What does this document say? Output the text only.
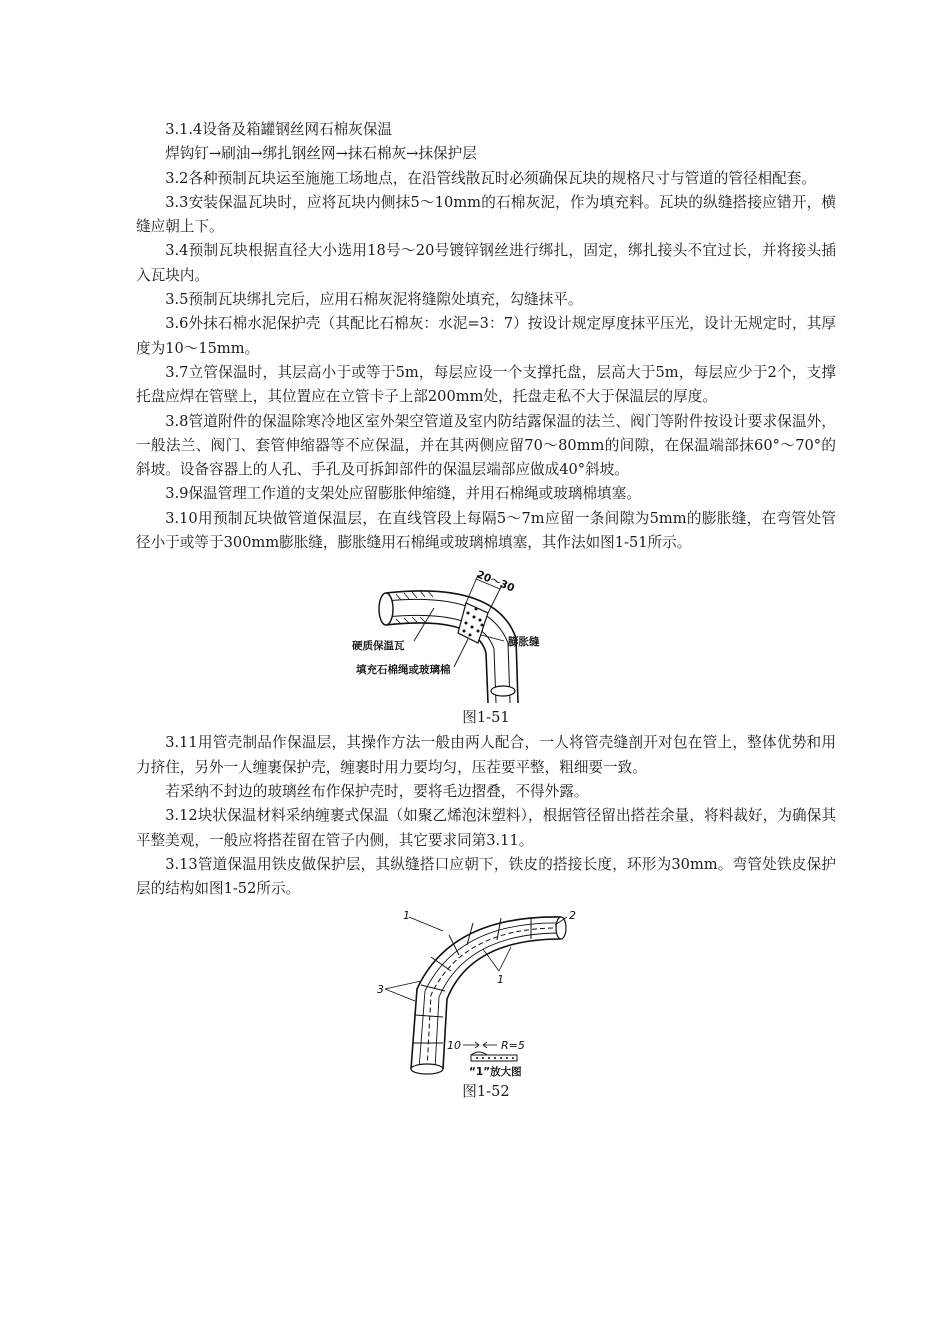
3.1.4设备及箱罐钢丝网石棉灰保温

焊钩钉→刷油→绑扎钢丝网→抹石棉灰→抹保护层

3.2各种预制瓦块运至施施工场地点，在沿管线散瓦时必须确保瓦块的规格尺寸与管道的管径相配套。

3.3安装保温瓦块时，应将瓦块内侧抹5～10mm的石棉灰泥，作为填充料。瓦块的纵缝搭接应错开，横缝应朝上下。

3.4预制瓦块根据直径大小选用18号～20号镀锌钢丝进行绑扎，固定，绑扎接头不宜过长，并将接头插入瓦块内。

3.5预制瓦块绑扎完后，应用石棉灰泥将缝隙处填充，勾缝抹平。

3.6外抹石棉水泥保护壳（其配比石棉灰：水泥=3：7）按设计规定厚度抹平压光，设计无规定时，其厚度为10～15mm。

3.7立管保温时，其层高小于或等于5m，每层应设一个支撑托盘，层高大于5m，每层应少于2个，支撑托盘应焊在管壁上，其位置应在立管卡子上部200mm处，托盘走私不大于保温层的厚度。

3.8管道附件的保温除寒冷地区室外架空管道及室内防结露保温的法兰、阀门等附件按设计要求保温外，一般法兰、阀门、套管伸缩器等不应保温，并在其两侧应留70～80mm的间隙，在保温端部抹60°～70°的斜坡。设备容器上的人孔、手孔及可拆卸部件的保温层端部应做成40°斜坡。

3.9保温管理工作道的支架处应留膨胀伸缩缝，并用石棉绳或玻璃棉填塞。

3.10用预制瓦块做管道保温层，在直线管段上每隔5～7m应留一条间隙为5mm的膨胀缝，在弯管处管径小于或等于300mm膨胀缝，膨胀缝用石棉绳或玻璃棉填塞，其作法如图1-51所示。

20～30
硬质保温瓦	膨胀缝
填充石棉绳或玻璃棉
图1-51

3.11用管壳制品作保温层，其操作方法一般由两人配合，一人将管壳缝剖开对包在管上，整体优势和用力挤住，另外一人缠裹保护壳，缠裹时用力要均匀，压茬要平整，粗细要一致。

若采纳不封边的玻璃丝布作保护壳时，要将毛边摺叠，不得外露。

3.12块状保温材料采纳缠裹式保温（如聚乙烯泡沫塑料），根据管径留出搭茬余量，将料裁好，为确保其平整美观，一般应将搭茬留在管子内侧，其它要求同第3.11。

3.13管道保温用铁皮做保护层，其纵缝搭口应朝下，铁皮的搭接长度，环形为30mm。弯管处铁皮保护层的结构如图1-52所示。

1	2
3
1
10	R=5
“1”放大图
图1-52
